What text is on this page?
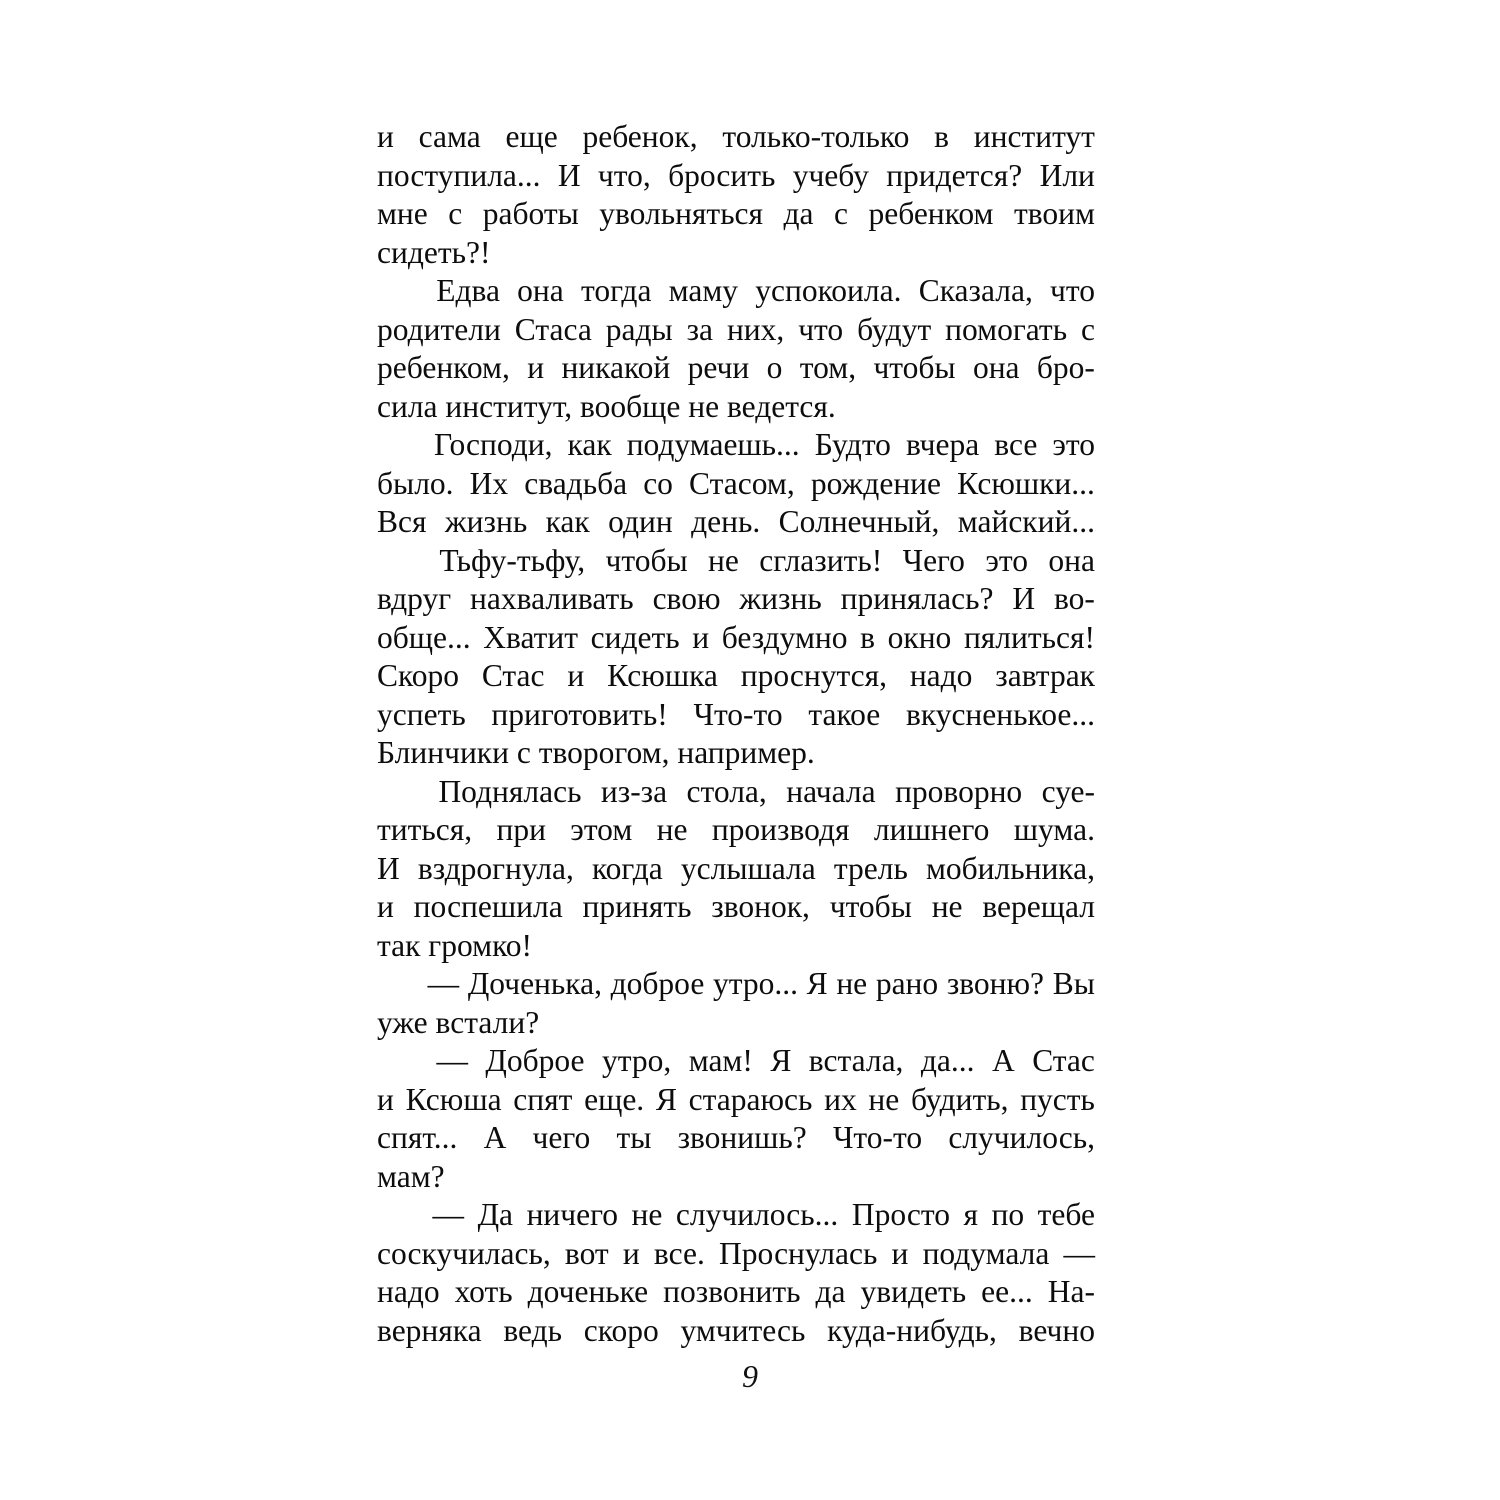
и сама еще ребенок, только-только в институт
поступила... И что, бросить учебу придется? Или
мне с работы увольняться да с ребенком твоим
сидеть?!
Едва она тогда маму успокоила. Сказала, что
родители Стаса рады за них, что будут помогать с
ребенком, и никакой речи о том, чтобы она бро-
сила институт, вообще не ведется.
Господи, как подумаешь... Будто вчера все это
было. Их свадьба со Стасом, рождение Ксюшки...
Вся жизнь как один день. Солнечный, майский...
Тьфу-тьфу, чтобы не сглазить! Чего это она
вдруг нахваливать свою жизнь принялась? И во-
обще... Хватит сидеть и бездумно в окно пялиться!
Скоро Стас и Ксюшка проснутся, надо завтрак
успеть приготовить! Что-то такое вкусненькое...
Блинчики с творогом, например.
Поднялась из-за стола, начала проворно суе-
титься, при этом не производя лишнего шума.
И вздрогнула, когда услышала трель мобильника,
и поспешила принять звонок, чтобы не верещал
так громко!
— Доченька, доброе утро... Я не рано звоню? Вы
уже встали?
— Доброе утро, мам! Я встала, да... А Стас
и Ксюша спят еще. Я стараюсь их не будить, пусть
спят... А чего ты звонишь? Что-то случилось,
мам?
— Да ничего не случилось... Просто я по тебе
соскучилась, вот и все. Проснулась и подумала —
надо хоть доченьке позвонить да увидеть ее... На-
верняка ведь скоро умчитесь куда-нибудь, вечно
9
